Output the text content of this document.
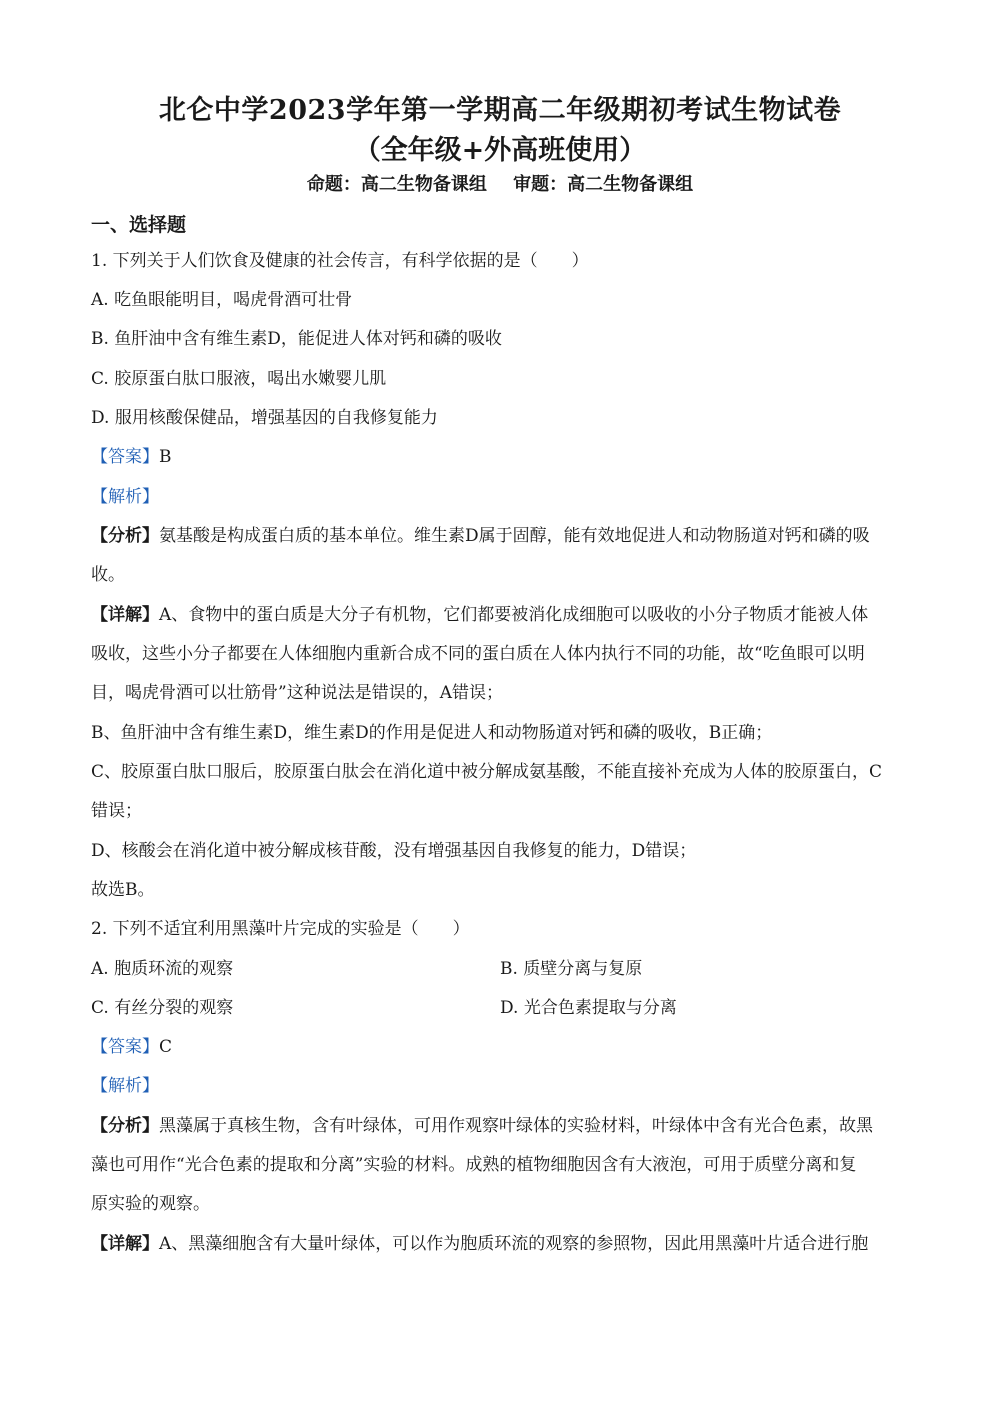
北仑中学2023学年第一学期高二年级期初考试生物试卷
（全年级+外高班使用）
命题：高二生物备课组 审题：高二生物备课组
一、选择题
1. 下列关于人们饮食及健康的社会传言，有科学依据的是（　　）
A. 吃鱼眼能明目，喝虎骨酒可壮骨
B. 鱼肝油中含有维生素D，能促进人体对钙和磷的吸收
C. 胶原蛋白肽口服液，喝出水嫩婴儿肌
D. 服用核酸保健品，增强基因的自我修复能力
【答案】B
【解析】
【分析】氨基酸是构成蛋白质的基本单位。维生素D属于固醇，能有效地促进人和动物肠道对钙和磷的吸
收。
【详解】A、食物中的蛋白质是大分子有机物，它们都要被消化成细胞可以吸收的小分子物质才能被人体
吸收，这些小分子都要在人体细胞内重新合成不同的蛋白质在人体内执行不同的功能，故“吃鱼眼可以明
目，喝虎骨酒可以壮筋骨”这种说法是错误的，A错误；
B、鱼肝油中含有维生素D，维生素D的作用是促进人和动物肠道对钙和磷的吸收，B正确；
C、胶原蛋白肽口服后，胶原蛋白肽会在消化道中被分解成氨基酸，不能直接补充成为人体的胶原蛋白，C
错误；
D、核酸会在消化道中被分解成核苷酸，没有增强基因自我修复的能力，D错误；
故选B。
2. 下列不适宜利用黑藻叶片完成的实验是（　　）
A. 胞质环流的观察	B. 质壁分离与复原
C. 有丝分裂的观察	D. 光合色素提取与分离
【答案】C
【解析】
【分析】黑藻属于真核生物，含有叶绿体，可用作观察叶绿体的实验材料，叶绿体中含有光合色素，故黑
藻也可用作“光合色素的提取和分离”实验的材料。成熟的植物细胞因含有大液泡，可用于质壁分离和复
原实验的观察。
【详解】A、黑藻细胞含有大量叶绿体，可以作为胞质环流的观察的参照物，因此用黑藻叶片适合进行胞
